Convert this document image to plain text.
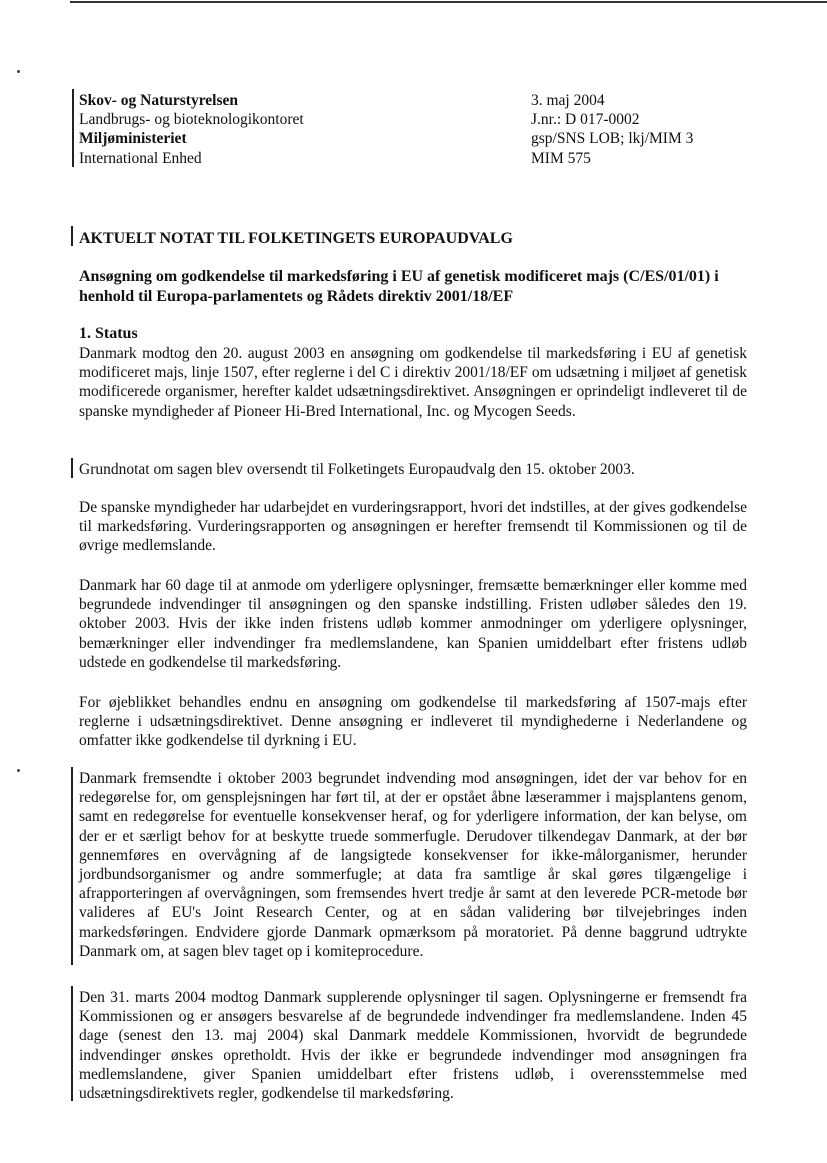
Skov- og Naturstyrelsen
Landbrugs- og bioteknologikontoret
Miljøministeriet
International Enhed
3. maj 2004
J.nr.: D 017-0002
gsp/SNS LOB; lkj/MIM 3
MIM 575
AKTUELT NOTAT TIL FOLKETINGETS EUROPAUDVALG
Ansøgning om godkendelse til markedsføring i EU af genetisk modificeret majs (C/ES/01/01) i henhold til Europa-parlamentets og Rådets direktiv 2001/18/EF
1. Status
Danmark modtog den 20. august 2003 en ansøgning om godkendelse til markedsføring i EU af genetisk modificeret majs, linje 1507, efter reglerne i del C i direktiv 2001/18/EF om udsætning i miljøet af genetisk modificerede organismer, herefter kaldet udsætningsdirektivet. Ansøgningen er oprindeligt indleveret til de spanske myndigheder af Pioneer Hi-Bred International, Inc. og Mycogen Seeds.
Grundnotat om sagen blev oversendt til Folketingets Europaudvalg den 15. oktober 2003.
De spanske myndigheder har udarbejdet en vurderingsrapport, hvori det indstilles, at der gives godkendelse til markedsføring. Vurderingsrapporten og ansøgningen er herefter fremsendt til Kommissionen og til de øvrige medlemslande.
Danmark har 60 dage til at anmode om yderligere oplysninger, fremsætte bemærkninger eller komme med begrundede indvendinger til ansøgningen og den spanske indstilling. Fristen udløber således den 19. oktober 2003. Hvis der ikke inden fristens udløb kommer anmodninger om yderligere oplysninger, bemærkninger eller indvendinger fra medlemslandene, kan Spanien umiddelbart efter fristens udløb udstede en godkendelse til markedsføring.
For øjeblikket behandles endnu en ansøgning om godkendelse til markedsføring af 1507-majs efter reglerne i udsætningsdirektivet. Denne ansøgning er indleveret til myndighederne i Nederlandene og omfatter ikke godkendelse til dyrkning i EU.
Danmark fremsendte i oktober 2003 begrundet indvending mod ansøgningen, idet der var behov for en redegørelse for, om gensplejsningen har ført til, at der er opstået åbne læserammer i majsplantens genom, samt en redegørelse for eventuelle konsekvenser heraf, og for yderligere information, der kan belyse, om der er et særligt behov for at beskytte truede sommerfugle. Derudover tilkendegav Danmark, at der bør gennemføres en overvågning af de langsigtede konsekvenser for ikke-målorganismer, herunder jordbundsorganismer og andre sommerfugle; at data fra samtlige år skal gøres tilgængelige i afrapporteringen af overvågningen, som fremsendes hvert tredje år samt at den leverede PCR-metode bør valideres af EU's Joint Research Center, og at en sådan validering bør tilvejebringes inden markedsføringen. Endvidere gjorde Danmark opmærksom på moratoriet. På denne baggrund udtrykte Danmark om, at sagen blev taget op i komiteprocedure.
Den 31. marts 2004 modtog Danmark supplerende oplysninger til sagen. Oplysningerne er fremsendt fra Kommissionen og er ansøgers besvarelse af de begrundede indvendinger fra medlemslandene. Inden 45 dage (senest den 13. maj 2004) skal Danmark meddele Kommissionen, hvorvidt de begrundede indvendinger ønskes opretholdt. Hvis der ikke er begrundede indvendinger mod ansøgningen fra medlemslandene, giver Spanien umiddelbart efter fristens udløb, i overensstemmelse med udsætningsdirektivets regler, godkendelse til markedsføring.
